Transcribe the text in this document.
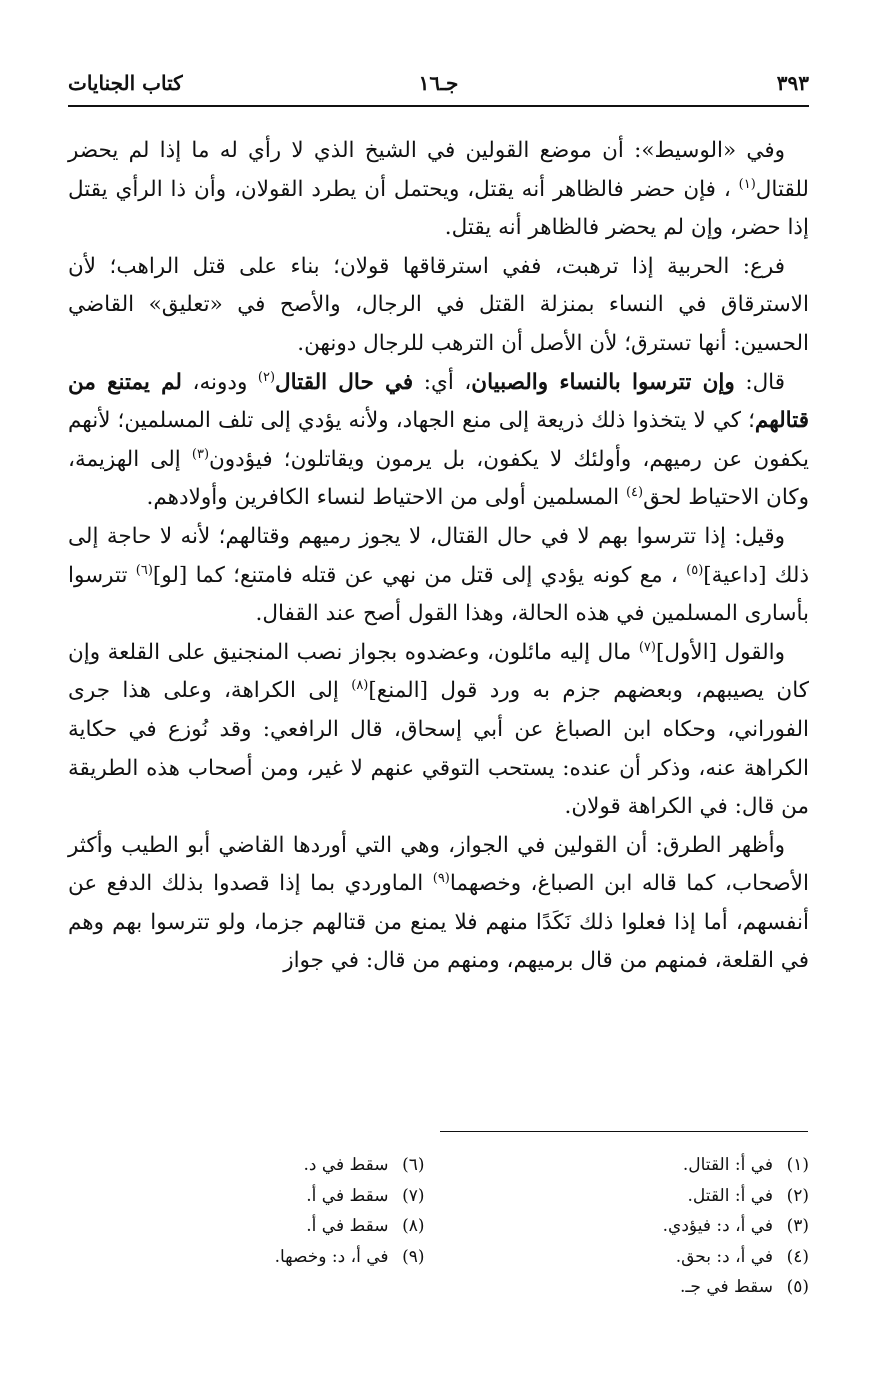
٣٩٣
جـ١٦
كتاب الجنايات

وفي «الوسيط»: أن موضع القولين في الشيخ الذي لا رأي له ما إذا لم يحضر للقتال$^{(١)}$ ، فإن حضر فالظاهر أنه يقتل، ويحتمل أن يطرد القولان، وأن ذا الرأي يقتل إذا حضر، وإن لم يحضر فالظاهر أنه يقتل.

فرع: الحربية إذا ترهبت، ففي استرقاقها قولان؛ بناء على قتل الراهب؛ لأن الاسترقاق في النساء بمنزلة القتل في الرجال، والأصح في «تعليق» القاضي الحسين: أنها تسترق؛ لأن الأصل أن الترهب للرجال دونهن.

قال: وإن تترسوا بالنساء والصبيان، أي: في حال القتال$^{(٢)}$ ودونه، لم يمتنع من قتالهم؛ كي لا يتخذوا ذلك ذريعة إلى منع الجهاد، ولأنه يؤدي إلى تلف المسلمين؛ لأنهم يكفون عن رميهم، وأولئك لا يكفون، بل يرمون ويقاتلون؛ فيؤدون$^{(٣)}$ إلى الهزيمة، وكان الاحتياط لحق$^{(٤)}$ المسلمين أولى من الاحتياط لنساء الكافرين وأولادهم.

وقيل: إذا تترسوا بهم لا في حال القتال، لا يجوز رميهم وقتالهم؛ لأنه لا حاجة إلى ذلك [داعية]$^{(٥)}$ ، مع كونه يؤدي إلى قتل من نهي عن قتله فامتنع؛ كما [لو]$^{(٦)}$ تترسوا بأسارى المسلمين في هذه الحالة، وهذا القول أصح عند القفال.

والقول [الأول]$^{(٧)}$ مال إليه مائلون، وعضدوه بجواز نصب المنجنيق على القلعة وإن كان يصيبهم، وبعضهم جزم به ورد قول [المنع]$^{(٨)}$ إلى الكراهة، وعلى هذا جرى الفوراني، وحكاه ابن الصباغ عن أبي إسحاق، قال الرافعي: وقد نُوزع في حكاية الكراهة عنه، وذكر أن عنده: يستحب التوقي عنهم لا غير، ومن أصحاب هذه الطريقة من قال: في الكراهة قولان.

وأظهر الطرق: أن القولين في الجواز، وهي التي أوردها القاضي أبو الطيب وأكثر الأصحاب، كما قاله ابن الصباغ، وخصهما$^{(٩)}$ الماوردي بما إذا قصدوا بذلك الدفع عن أنفسهم، أما إذا فعلوا ذلك نَكَدًا منهم فلا يمنع من قتالهم جزما، ولو تترسوا بهم وهم في القلعة، فمنهم من قال برميهم، ومنهم من قال: في جواز

(١)في أ: القتال.
(٢)في أ: القتل.
(٣)في أ، د: فيؤدي.
(٤)في أ، د: بحق.
(٥)سقط في جـ.
(٦)سقط في د.
(٧)سقط في أ.
(٨)سقط في أ.
(٩)في أ، د: وخصها.
